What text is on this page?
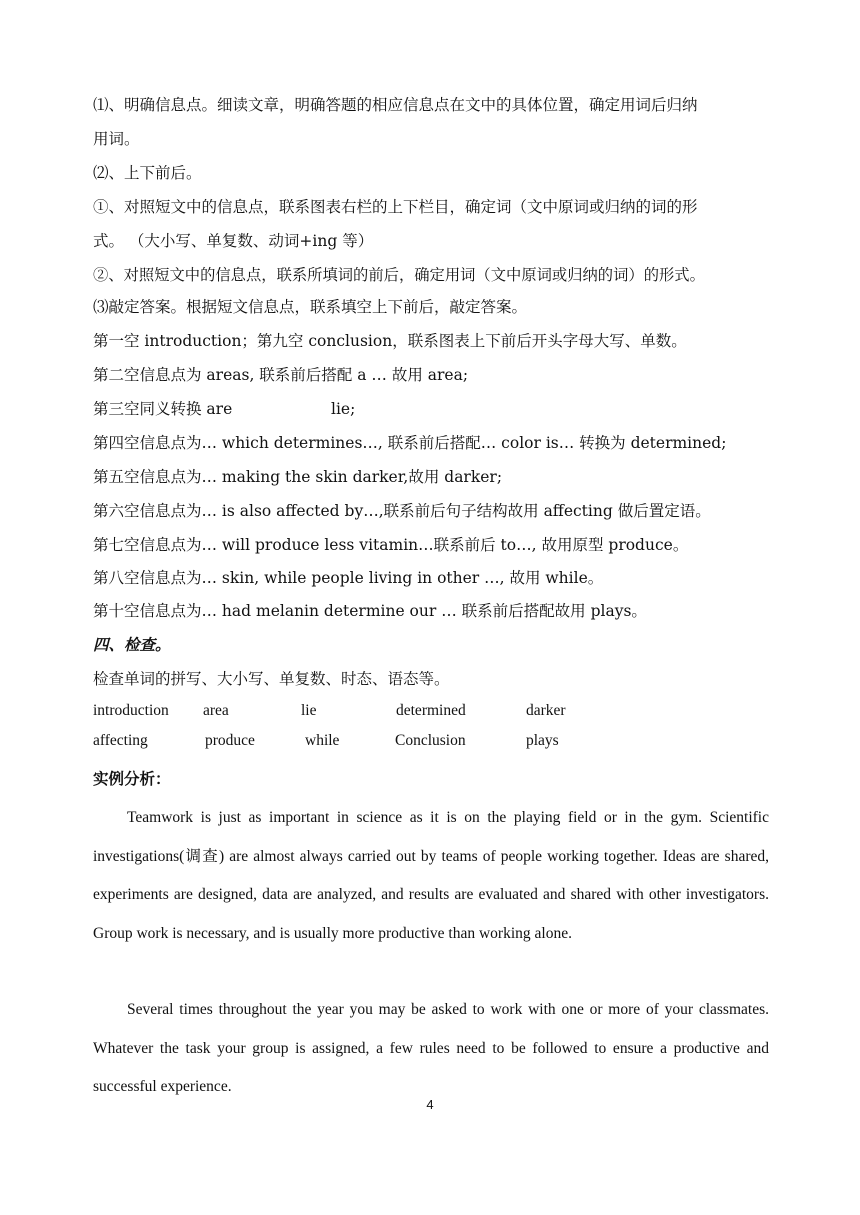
⑴、明确信息点。细读文章，明确答题的相应信息点在文中的具体位置，确定用词后归纳
用词。
⑵、上下前后。
①、对照短文中的信息点，联系图表右栏的上下栏目，确定词（文中原词或归纳的词的形
式。 （大小写、单复数、动词+ing 等）
②、对照短文中的信息点，联系所填词的前后，确定用词（文中原词或归纳的词）的形式。
⑶敲定答案。根据短文信息点，联系填空上下前后，敲定答案。
第一空 introduction；第九空 conclusion，联系图表上下前后开头字母大写、单数。
第二空信息点为 areas, 联系前后搭配 a … 故用 area;
第三空同义转换 are	lie;
第四空信息点为… which determines…, 联系前后搭配… color is… 转换为 determined;
第五空信息点为… making the skin darker,故用 darker;
第六空信息点为… is also affected by…,联系前后句子结构故用 affecting 做后置定语。
第七空信息点为… will produce less vitamin…联系前后 to…, 故用原型 produce。
第八空信息点为… skin, while people living in other …, 故用 while。
第十空信息点为… had melanin determine our … 联系前后搭配故用 plays。
四、检查。
检查单词的拼写、大小写、单复数、时态、语态等。
introduction area	lie	determined	darker
affecting	produce	while	Conclusion	plays
实例分析：
Teamwork is just as important in science as it is on the playing field or in the gym. Scientific investigations(调查) are almost always carried out by teams of people working together. Ideas are shared, experiments are designed, data are analyzed, and results are evaluated and shared with other investigators. Group work is necessary, and is usually more productive than working alone.
Several times throughout the year you may be asked to work with one or more of your classmates. Whatever the task your group is assigned, a few rules need to be followed to ensure a productive and successful experience.
4
